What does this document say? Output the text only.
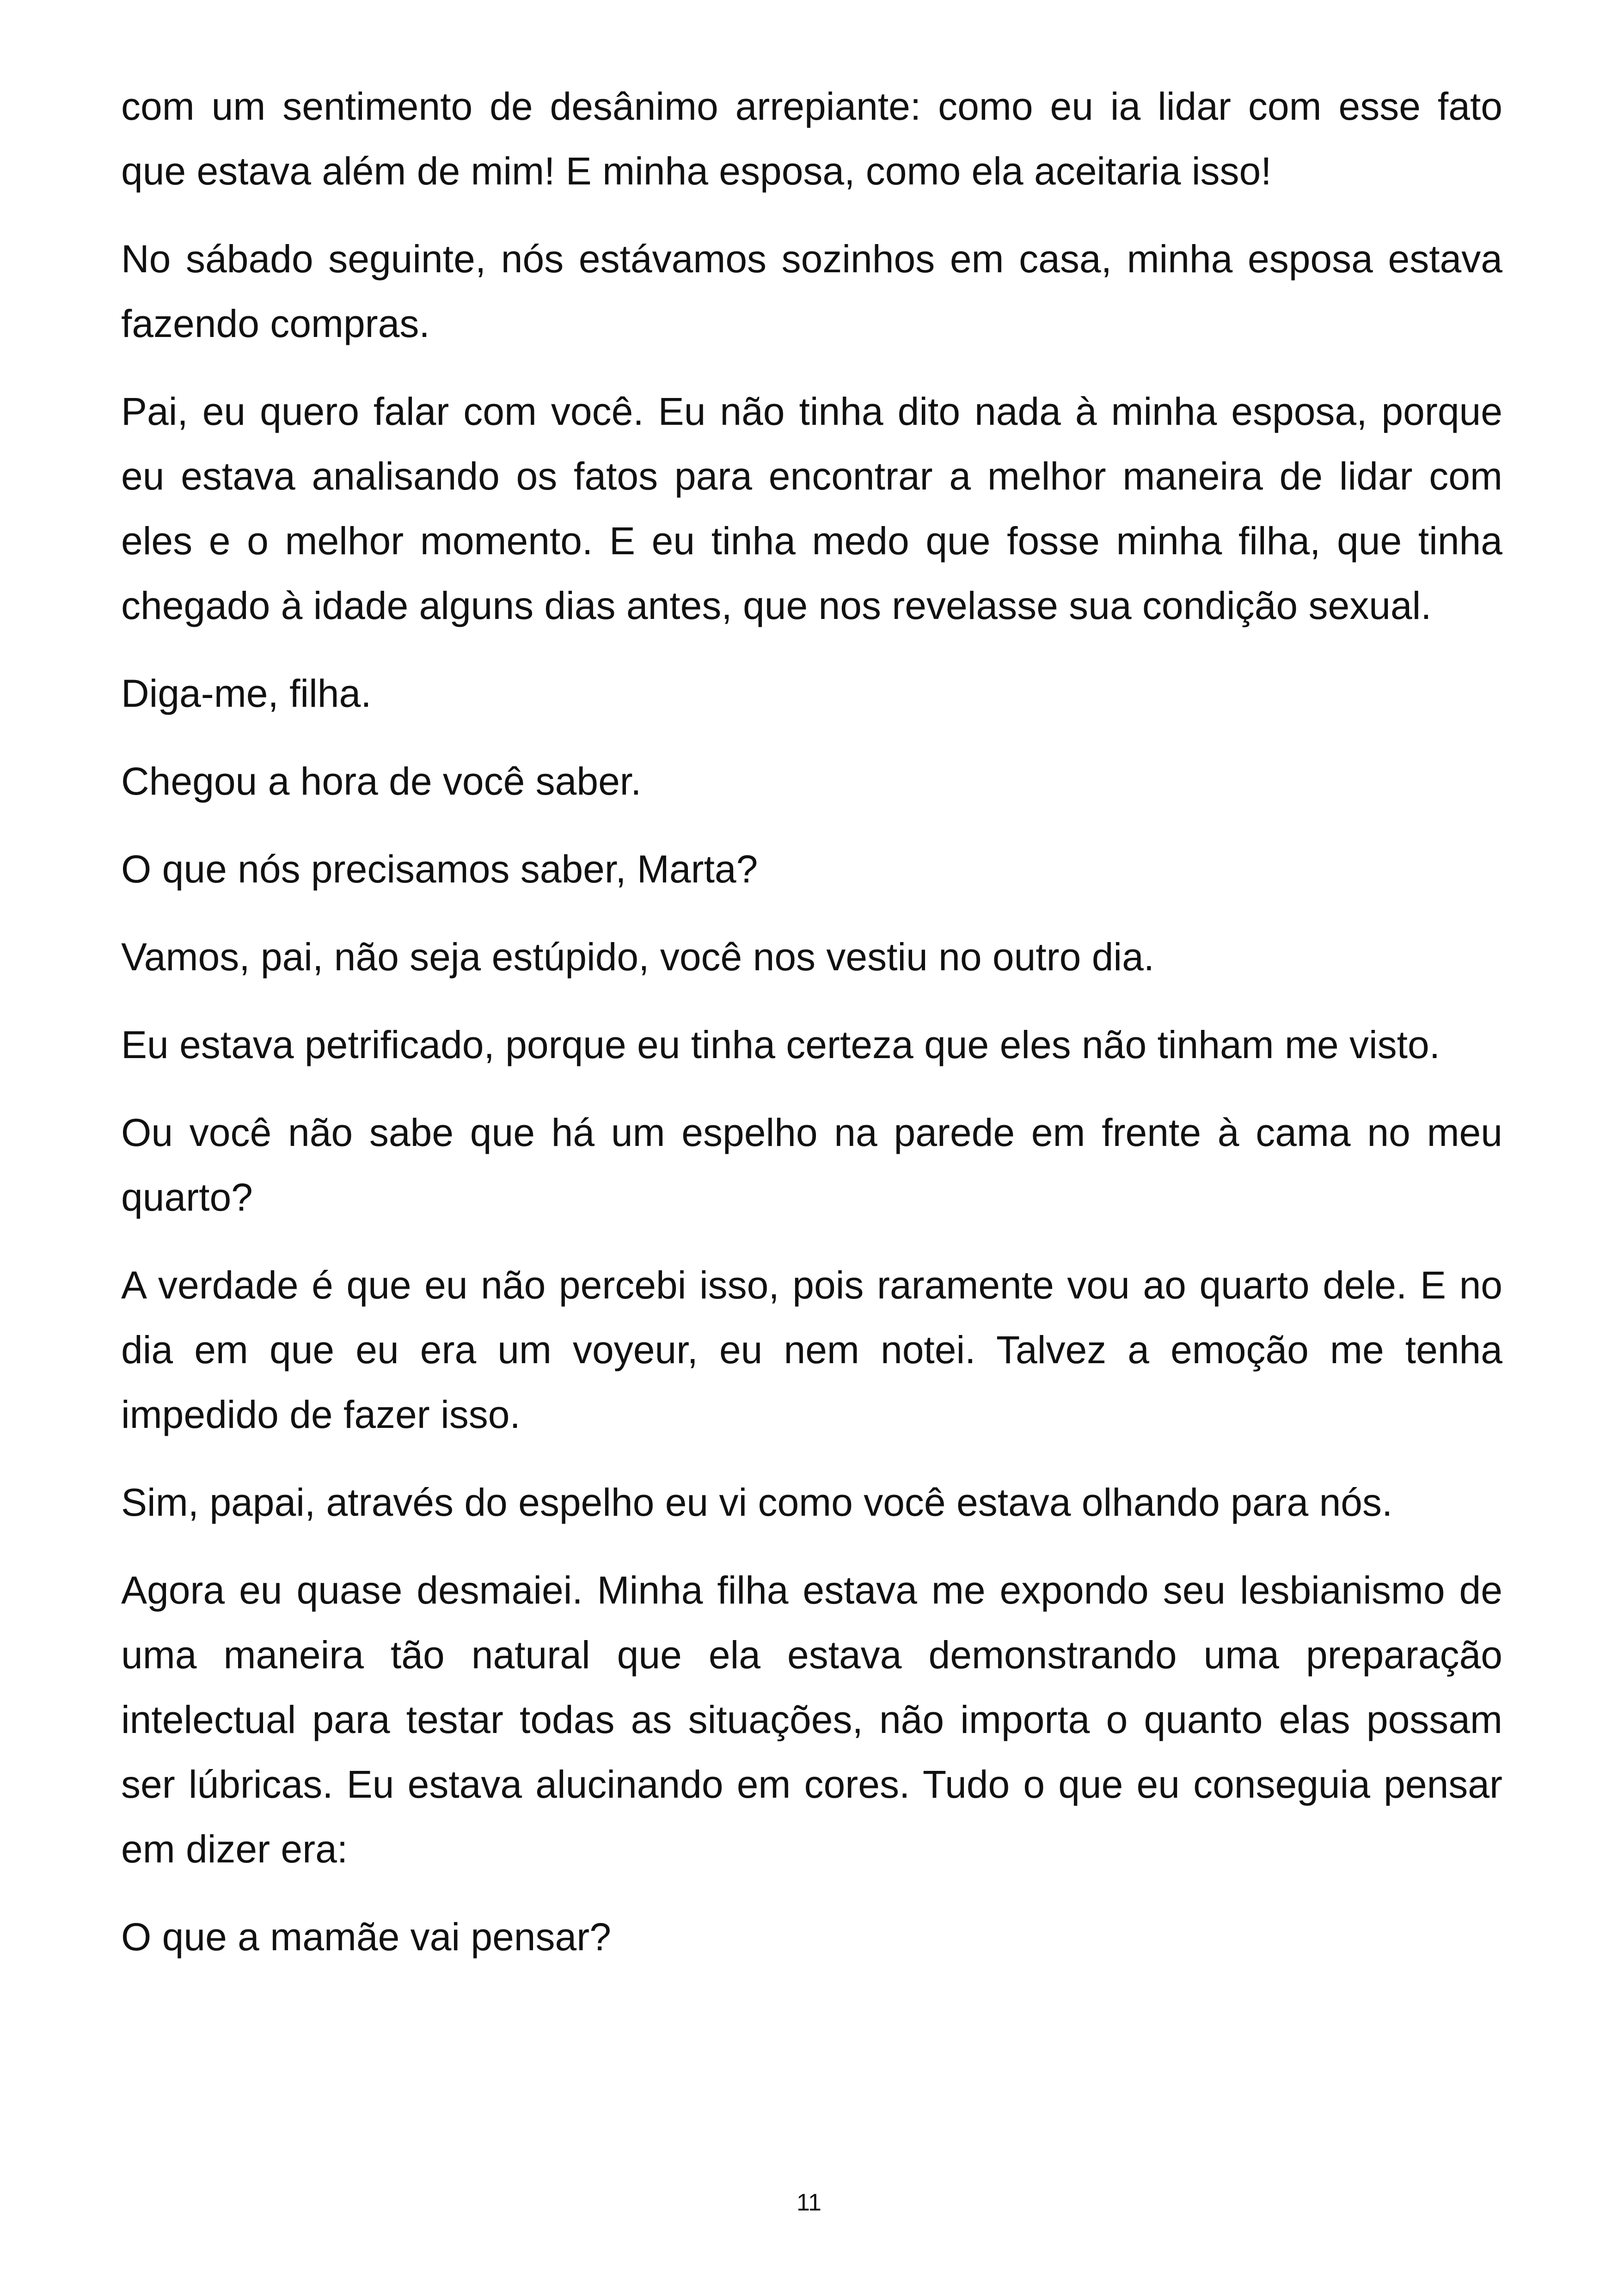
com um sentimento de desânimo arrepiante: como eu ia lidar com esse fato que estava além de mim! E minha esposa, como ela aceitaria isso!

No sábado seguinte, nós estávamos sozinhos em casa, minha esposa estava fazendo compras.

Pai, eu quero falar com você. Eu não tinha dito nada à minha esposa, porque eu estava analisando os fatos para encontrar a melhor maneira de lidar com eles e o melhor momento. E eu tinha medo que fosse minha filha, que tinha chegado à idade alguns dias antes, que nos revelasse sua condição sexual.

Diga-me, filha.

Chegou a hora de você saber.

O que nós precisamos saber, Marta?

Vamos, pai, não seja estúpido, você nos vestiu no outro dia.

Eu estava petrificado, porque eu tinha certeza que eles não tinham me visto.

Ou você não sabe que há um espelho na parede em frente à cama no meu quarto?

A verdade é que eu não percebi isso, pois raramente vou ao quarto dele. E no dia em que eu era um voyeur, eu nem notei. Talvez a emoção me tenha impedido de fazer isso.

Sim, papai, através do espelho eu vi como você estava olhando para nós.

Agora eu quase desmaiei. Minha filha estava me expondo seu lesbianismo de uma maneira tão natural que ela estava demonstrando uma preparação intelectual para testar todas as situações, não importa o quanto elas possam ser lúbricas. Eu estava alucinando em cores. Tudo o que eu conseguia pensar em dizer era:

O que a mamãe vai pensar?

11
